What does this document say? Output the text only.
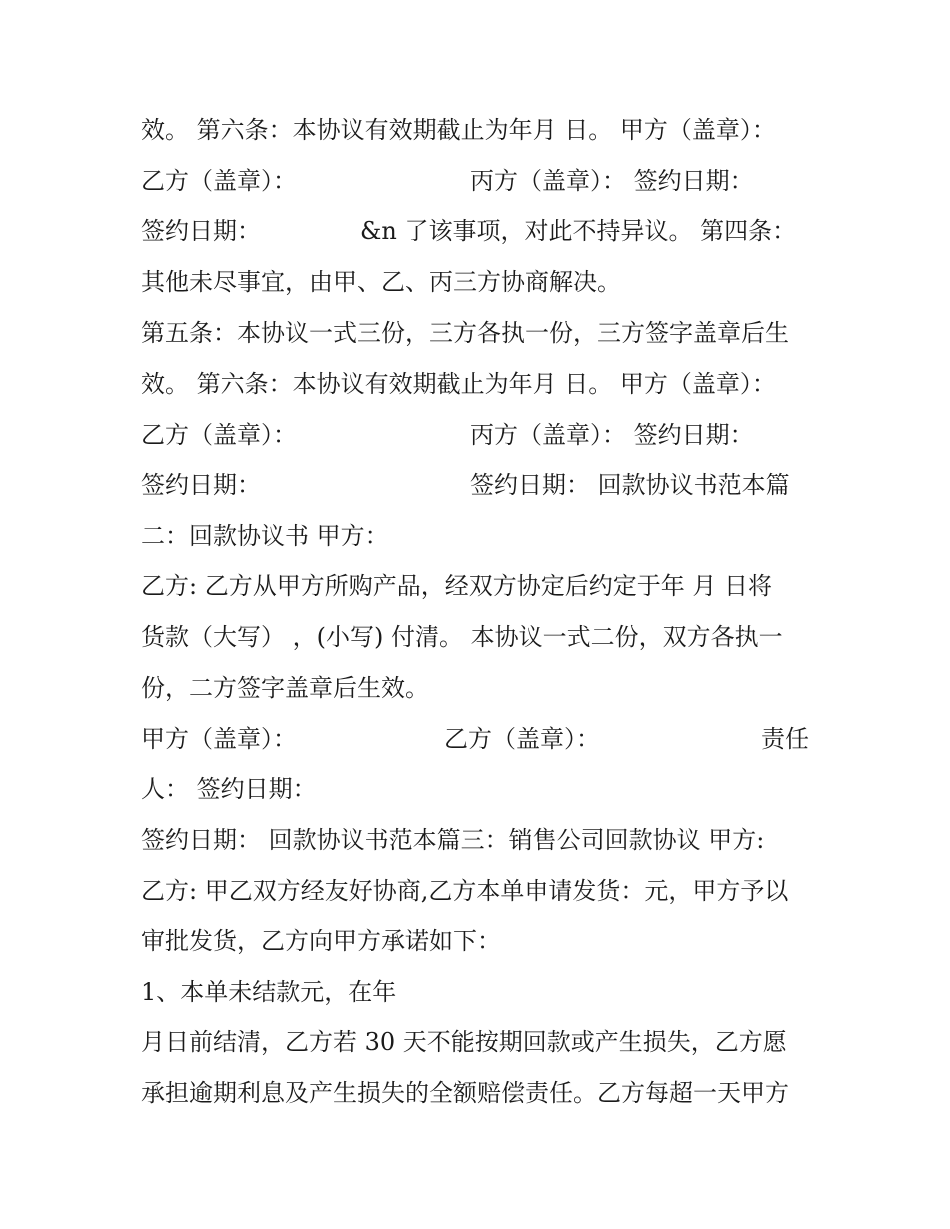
效。 第六条：本协议有效期截止为年月 日。 甲方（盖章）：
乙方（盖章）：	丙方（盖章）： 签约日期：
签约日期：	&n 了该事项，对此不持异议。 第四条：
其他未尽事宜，由甲、乙、丙三方协商解决。
第五条：本协议一式三份，三方各执一份，三方签字盖章后生
效。 第六条：本协议有效期截止为年月 日。 甲方（盖章）：
乙方（盖章）：	丙方（盖章）： 签约日期：
签约日期：	签约日期： 回款协议书范本篇
二：回款协议书 甲方：
乙方: 乙方从甲方所购产品，经双方协定后约定于年 月 日将
货款（大写） ，(小写) 付清。 本协议一式二份，双方各执一
份，二方签字盖章后生效。
甲方（盖章）：	乙方（盖章）：	责任
人： 签约日期：
签约日期： 回款协议书范本篇三：销售公司回款协议 甲方:
乙方: 甲乙双方经友好协商,乙方本单申请发货：元，甲方予以
审批发货，乙方向甲方承诺如下：
1、本单未结款元，在年
月日前结清，乙方若 30 天不能按期回款或产生损失，乙方愿
承担逾期利息及产生损失的全额赔偿责任。乙方每超一天甲方
